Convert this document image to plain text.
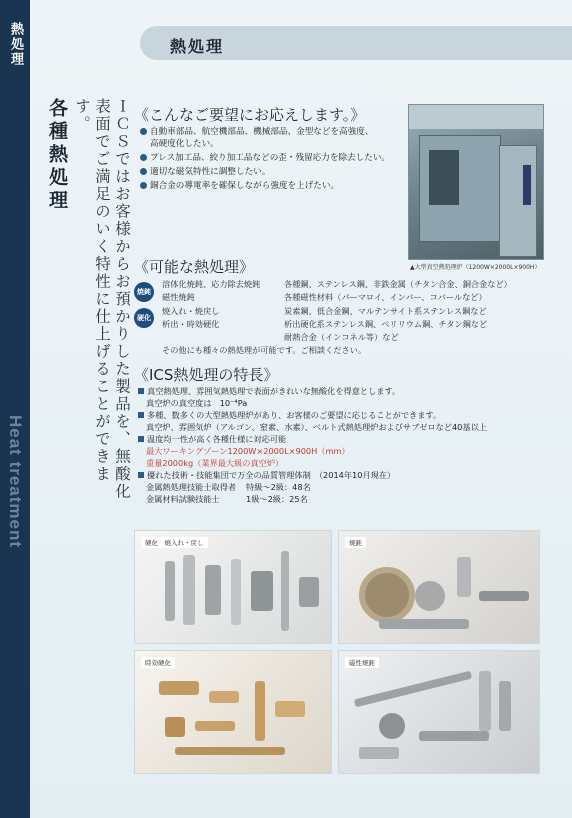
熱処理
Heat treatment
熱処理
各種熱処理	ＩＣＳではお客様からお預かりした製品を、無酸化表面でご満足のいく特性に仕上げることができます。	《こんなご要望にお応えします。》
自動車部品、航空機部品、機械部品、金型などを高強度、
高硬度化したい。
プレス加工品、絞り加工品などの歪・残留応力を除去したい。
適切な磁気特性に調整したい。
銅合金の導電率を確保しながら強度を上げたい。
▲大型真空熱処理炉（1200W×2000L×900H）
《可能な熱処理》
焼鈍
硬化
溶体化焼鈍、応力除去焼鈍	各種鋼、ステンレス鋼、非鉄金属（チタン合金、銅合金など）
磁性焼鈍	各種磁性材料（パーマロイ、インバー、コバールなど）
焼入れ・焼戻し	炭素鋼、低合金鋼、マルテンサイト系ステンレス鋼など
析出・時効硬化	析出硬化系ステンレス鋼、ベリリウム鋼、チタン鋼など
耐熱合金（インコネル等）など
その他にも種々の熱処理が可能です。ご相談ください。
《ICS熱処理の特長》
真空熱処理、雰囲気熱処理で表面がきれいな無酸化を得意とします。
真空炉の真空度は　10⁻⁴Pa
多種、数多くの大型熱処理炉があり、お客様のご要望に応じることができます。
真空炉、雰囲気炉（アルゴン、窒素、水素）、ベルト式熱処理炉およびサブゼロなど40基以上
温度均一性が高く各種仕様に対応可能
最大ワーキングゾーン1200W×2000L×900H（mm）
重量2000kg（業界最大級の真空炉）
優れた技術・技能集団で万全の品質管理体制　（2014年10月現在）
金属熱処理技能士取得者 特級〜2級：48名
金属材料試験技能士	1級〜2級：25名
硬化　焼入れ・戻し	焼鈍
時効硬化	磁性焼鈍
